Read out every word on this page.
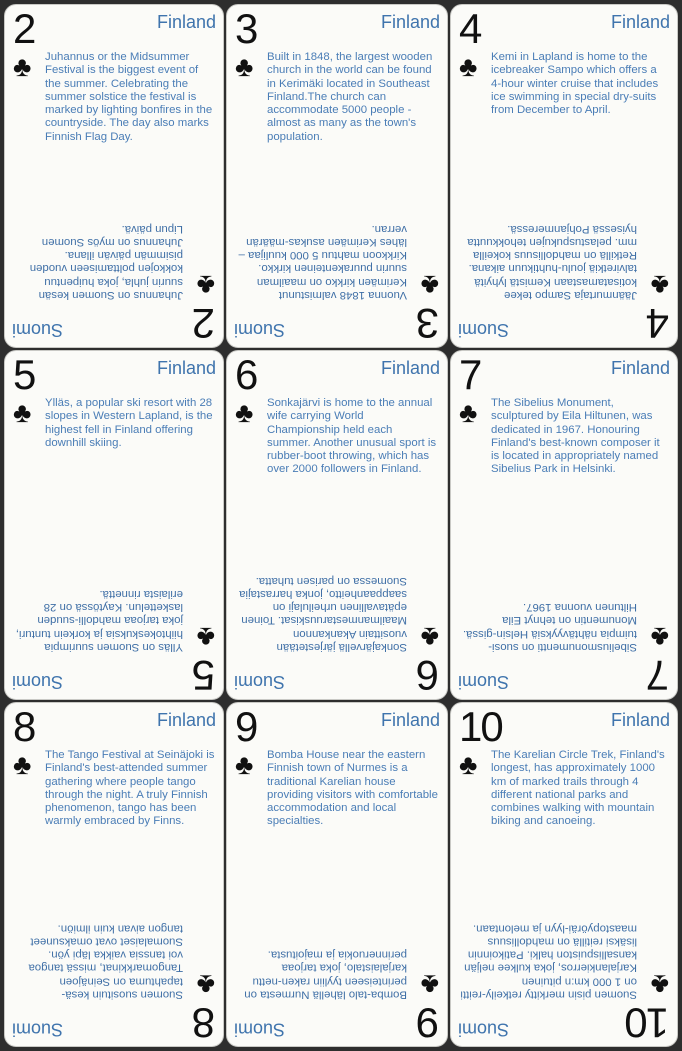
2
♣
Finland
Juhannus or the Midsummer Festival is the biggest event of the summer. Celebrating the summer solstice the festival is marked by lighting bonfires in the countryside. The day also marks Finnish Flag Day.
2
♣
Suomi
Juhannus on Suomen kesän suurin juhla, joka huipentuu kokkojen polttamiseen vuoden pisimmän päivän illana. Juhannus on myös Suomen Lipun päivä.
3
♣
Finland
Built in 1848, the largest wooden church in the world can be found in Kerimäki located in Southeast Finland.The church can accommodate 5000 people - almost as many as the town's population.
3
♣
Suomi
Vuonna 1848 valmistunut Kerimäen kirkko on maailman suurin puurakenteinen kirkko. Kirkkoon mahtuu 5 000 kuulijaa – lähes Kerimäen asukas-määrän verran.
4
♣
Finland
Kemi in Lapland is home to the icebreaker Sampo which offers a 4-hour winter cruise that includes ice swimming in special dry-suits from December to April.
4
♣
Suomi
Jäänmurtaja Sampo tekee kotisatamastaan Kemistä lyhyitä talviretkiä joulu-huhtikuun aikana. Retkillä on mahdollisuus kokeilla mm. pelastuspukujen tehokkuutta hyisessä Pohjanmeressä.
5
♣
Finland
Ylläs, a popular ski resort with 28 slopes in Western Lapland, is the highest fell in Finland offering downhill skiing.
5
♣
Suomi
Ylläs on Suomen suurimpia hiihtokeskuksia ja korkein tunturi, joka tarjoaa mahdolli-suuden laskettelun. Kaytössä on 28 erilaista rinnettä.
6
♣
Finland
Sonkajärvi is home to the annual wife carrying World Championship held each summer. Another unusual sport is rubber-boot throwing, which has over 2000 followers in Finland.
6
♣
Suomi
Sonkajärvellä järjestetään vuosittain Akankannon Maailmanmestaruuskisat. Toinen epätavallinen urheilulaji on saappaanheitto, jonka harrastajia Suomessa on parisen tuhatta.
7
♣
Finland
The Sibelius Monument, sculptured by Eila Hiltunen, was dedicated in 1967. Honouring Finland's best-known composer it is located in appropriately named Sibelius Park in Helsinki.
7
♣
Suomi
Sibeliusmonumentti on suosi-tuimpia nähtävyyksiä Helsin-gissä. Monumentin on tehnyt Eila Hiltunen vuonna 1967.
8
♣
Finland
The Tango Festival at Seinäjoki is Finland's best-attended summer gathering where people tango through the night. A truly Finnish phenomenon, tango has been warmly embraced by Finns.
8
♣
Suomi
Suomen suosituin kesä-tapahtuma on Seinäjoen Tangomarkkinat, missä tangoa voi tanssia vaikka läpi yön. Suomalaiset ovat omaksuneet tangon aivan kuin ilmiön.
9
♣
Finland
Bomba House near the eastern Finnish town of Nurmes is a traditional Karelian house providing visitors with comfortable accommodation and local specialties.
9
♣
Suomi
Bomba-talo lähellä Nurmesta on perinteiseen tyyliin raken-nettu karjalaistalo, joka tarjoaa perinneruokia ja majoitusta.
10
♣
Finland
The Karelian Circle Trek, Finland's longest, has approximately 1000 km of marked trails through 4 different national parks and combines walking with mountain biking and canoeing.
10
♣
Suomi
Suomen pisin merkitty retkeily-reitti on 1 000 km:n pituinen Karjalankierros, joka kulkee neljän kansallispuiston halki. Patikoinnin lisäksi reitillä on mahdollisuus maastopyöräi-lyyn ja melontaan.
